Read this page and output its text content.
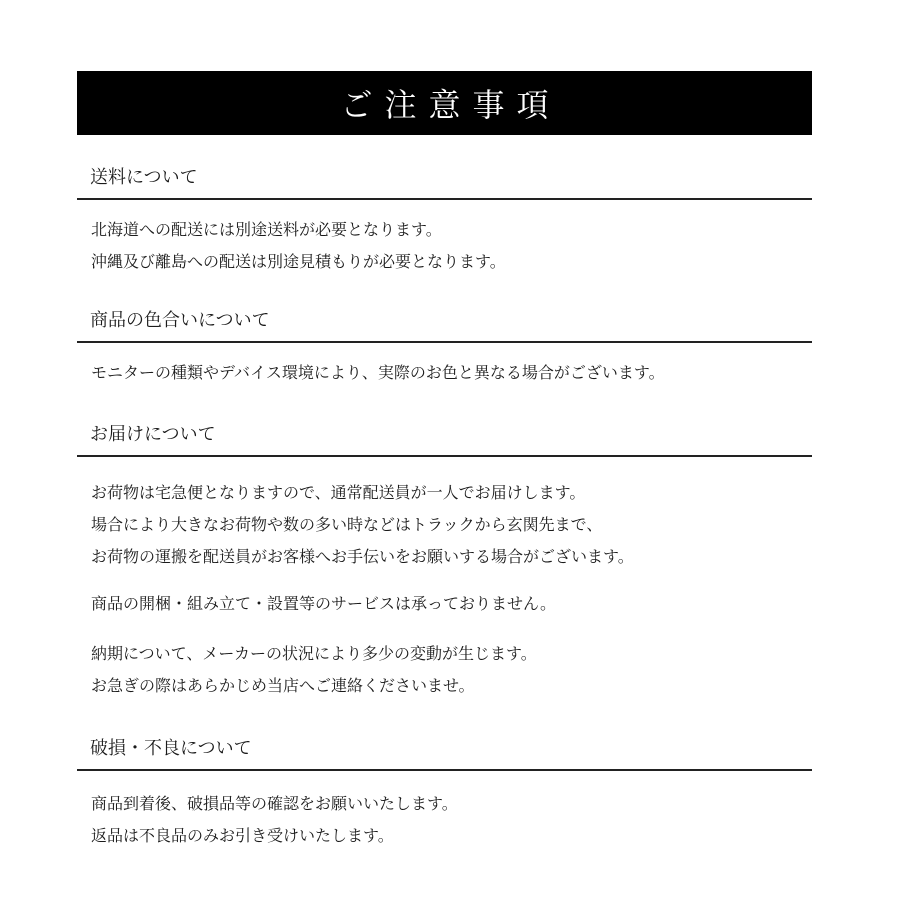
ご注意事項
送料について

北海道への配送には別途送料が必要となります。
沖縄及び離島への配送は別途見積もりが必要となります。

商品の色合いについて

モニターの種類やデバイス環境により、実際のお色と異なる場合がございます。

お届けについて

お荷物は宅急便となりますので、通常配送員が一人でお届けします。
場合により大きなお荷物や数の多い時などはトラックから玄関先まで、
お荷物の運搬を配送員がお客様へお手伝いをお願いする場合がございます。

商品の開梱・組み立て・設置等のサービスは承っておりません。

納期について、メーカーの状況により多少の変動が生じます。
お急ぎの際はあらかじめ当店へご連絡くださいませ。

破損・不良について

商品到着後、破損品等の確認をお願いいたします。
返品は不良品のみお引き受けいたします。
